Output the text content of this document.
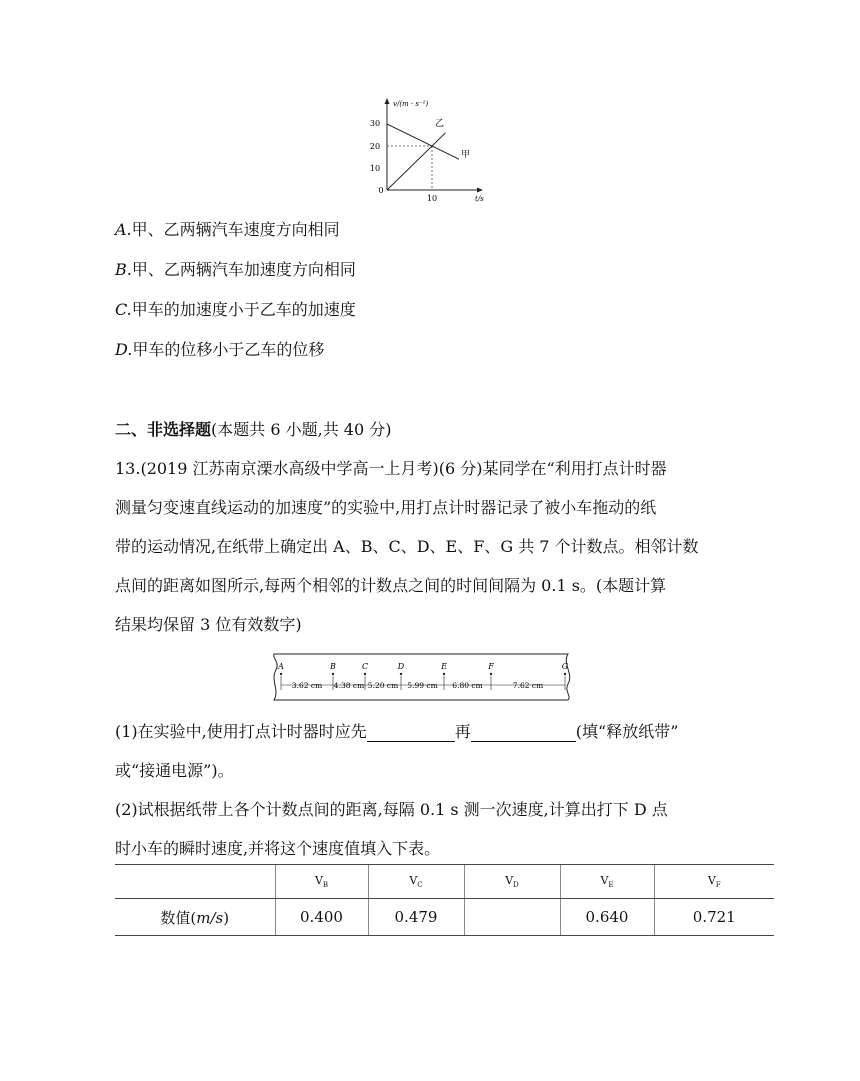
30
20
10
0
10
v/(m · s⁻¹)
t/s
乙
甲
A.甲、乙两辆汽车速度方向相同
B.甲、乙两辆汽车加速度方向相同
C.甲车的加速度小于乙车的加速度
D.甲车的位移小于乙车的位移
二、非选择题(本题共 6 小题,共 40 分)
13.(2019 江苏南京溧水高级中学高一上月考)(6 分)某同学在“利用打点计时器
测量匀变速直线运动的加速度”的实验中,用打点计时器记录了被小车拖动的纸
带的运动情况,在纸带上确定出 A、B、C、D、E、F、G 共 7 个计数点。相邻计数
点间的距离如图所示,每两个相邻的计数点之间的时间间隔为 0.1 s。(本题计算
结果均保留 3 位有效数字)
A	B	C	D	E	F	G
3.62 cm 4.38 cm 5.20 cm 5.99 cm 6.80 cm	7.62 cm
(1)在实验中,使用打点计时器时应先	再	(填“释放纸带”
或“接通电源”)。
(2)试根据纸带上各个计数点间的距离,每隔 0.1 s 测一次速度,计算出打下 D 点
时小车的瞬时速度,并将这个速度值填入下表。
	$V_B$	$V_C$	$V_D$	$V_E$	$V_F$
数值(m/s)	0.400	0.479		0.640	0.721
